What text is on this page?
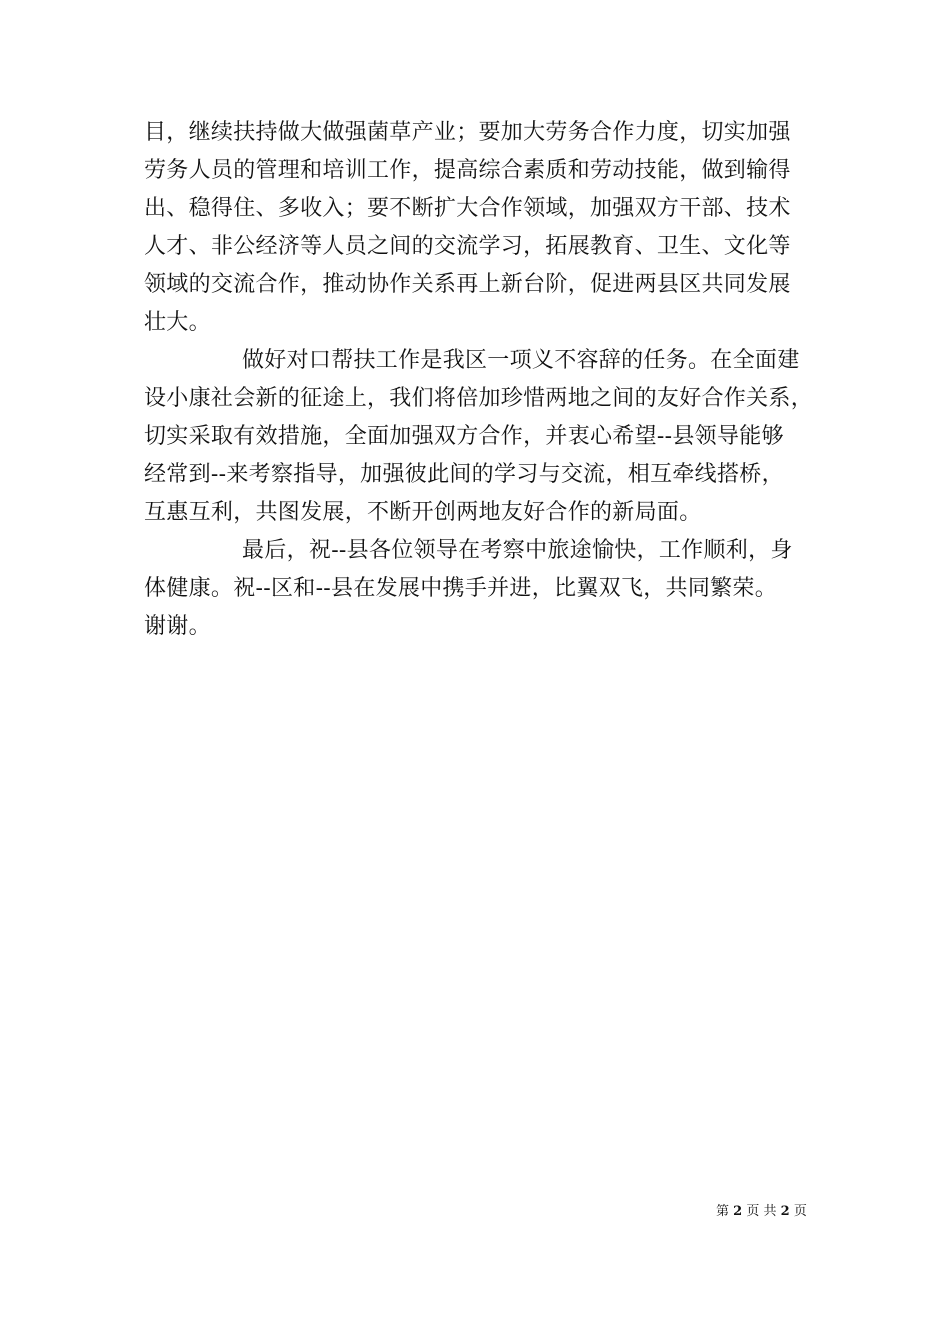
目，继续扶持做大做强菌草产业；要加大劳务合作力度，切实加强
劳务人员的管理和培训工作，提高综合素质和劳动技能，做到输得
出、稳得住、多收入；要不断扩大合作领域，加强双方干部、技术
人才、非公经济等人员之间的交流学习，拓展教育、卫生、文化等
领域的交流合作，推动协作关系再上新台阶，促进两县区共同发展
壮大。
做好对口帮扶工作是我区一项义不容辞的任务。在全面建
设小康社会新的征途上，我们将倍加珍惜两地之间的友好合作关系，
切实采取有效措施，全面加强双方合作，并衷心希望--县领导能够
经常到--来考察指导，加强彼此间的学习与交流，相互牵线搭桥，
互惠互利，共图发展，不断开创两地友好合作的新局面。
最后，祝--县各位领导在考察中旅途愉快，工作顺利，身
体健康。祝--区和--县在发展中携手并进，比翼双飞，共同繁荣。
谢谢。
第 2 页 共 2 页
